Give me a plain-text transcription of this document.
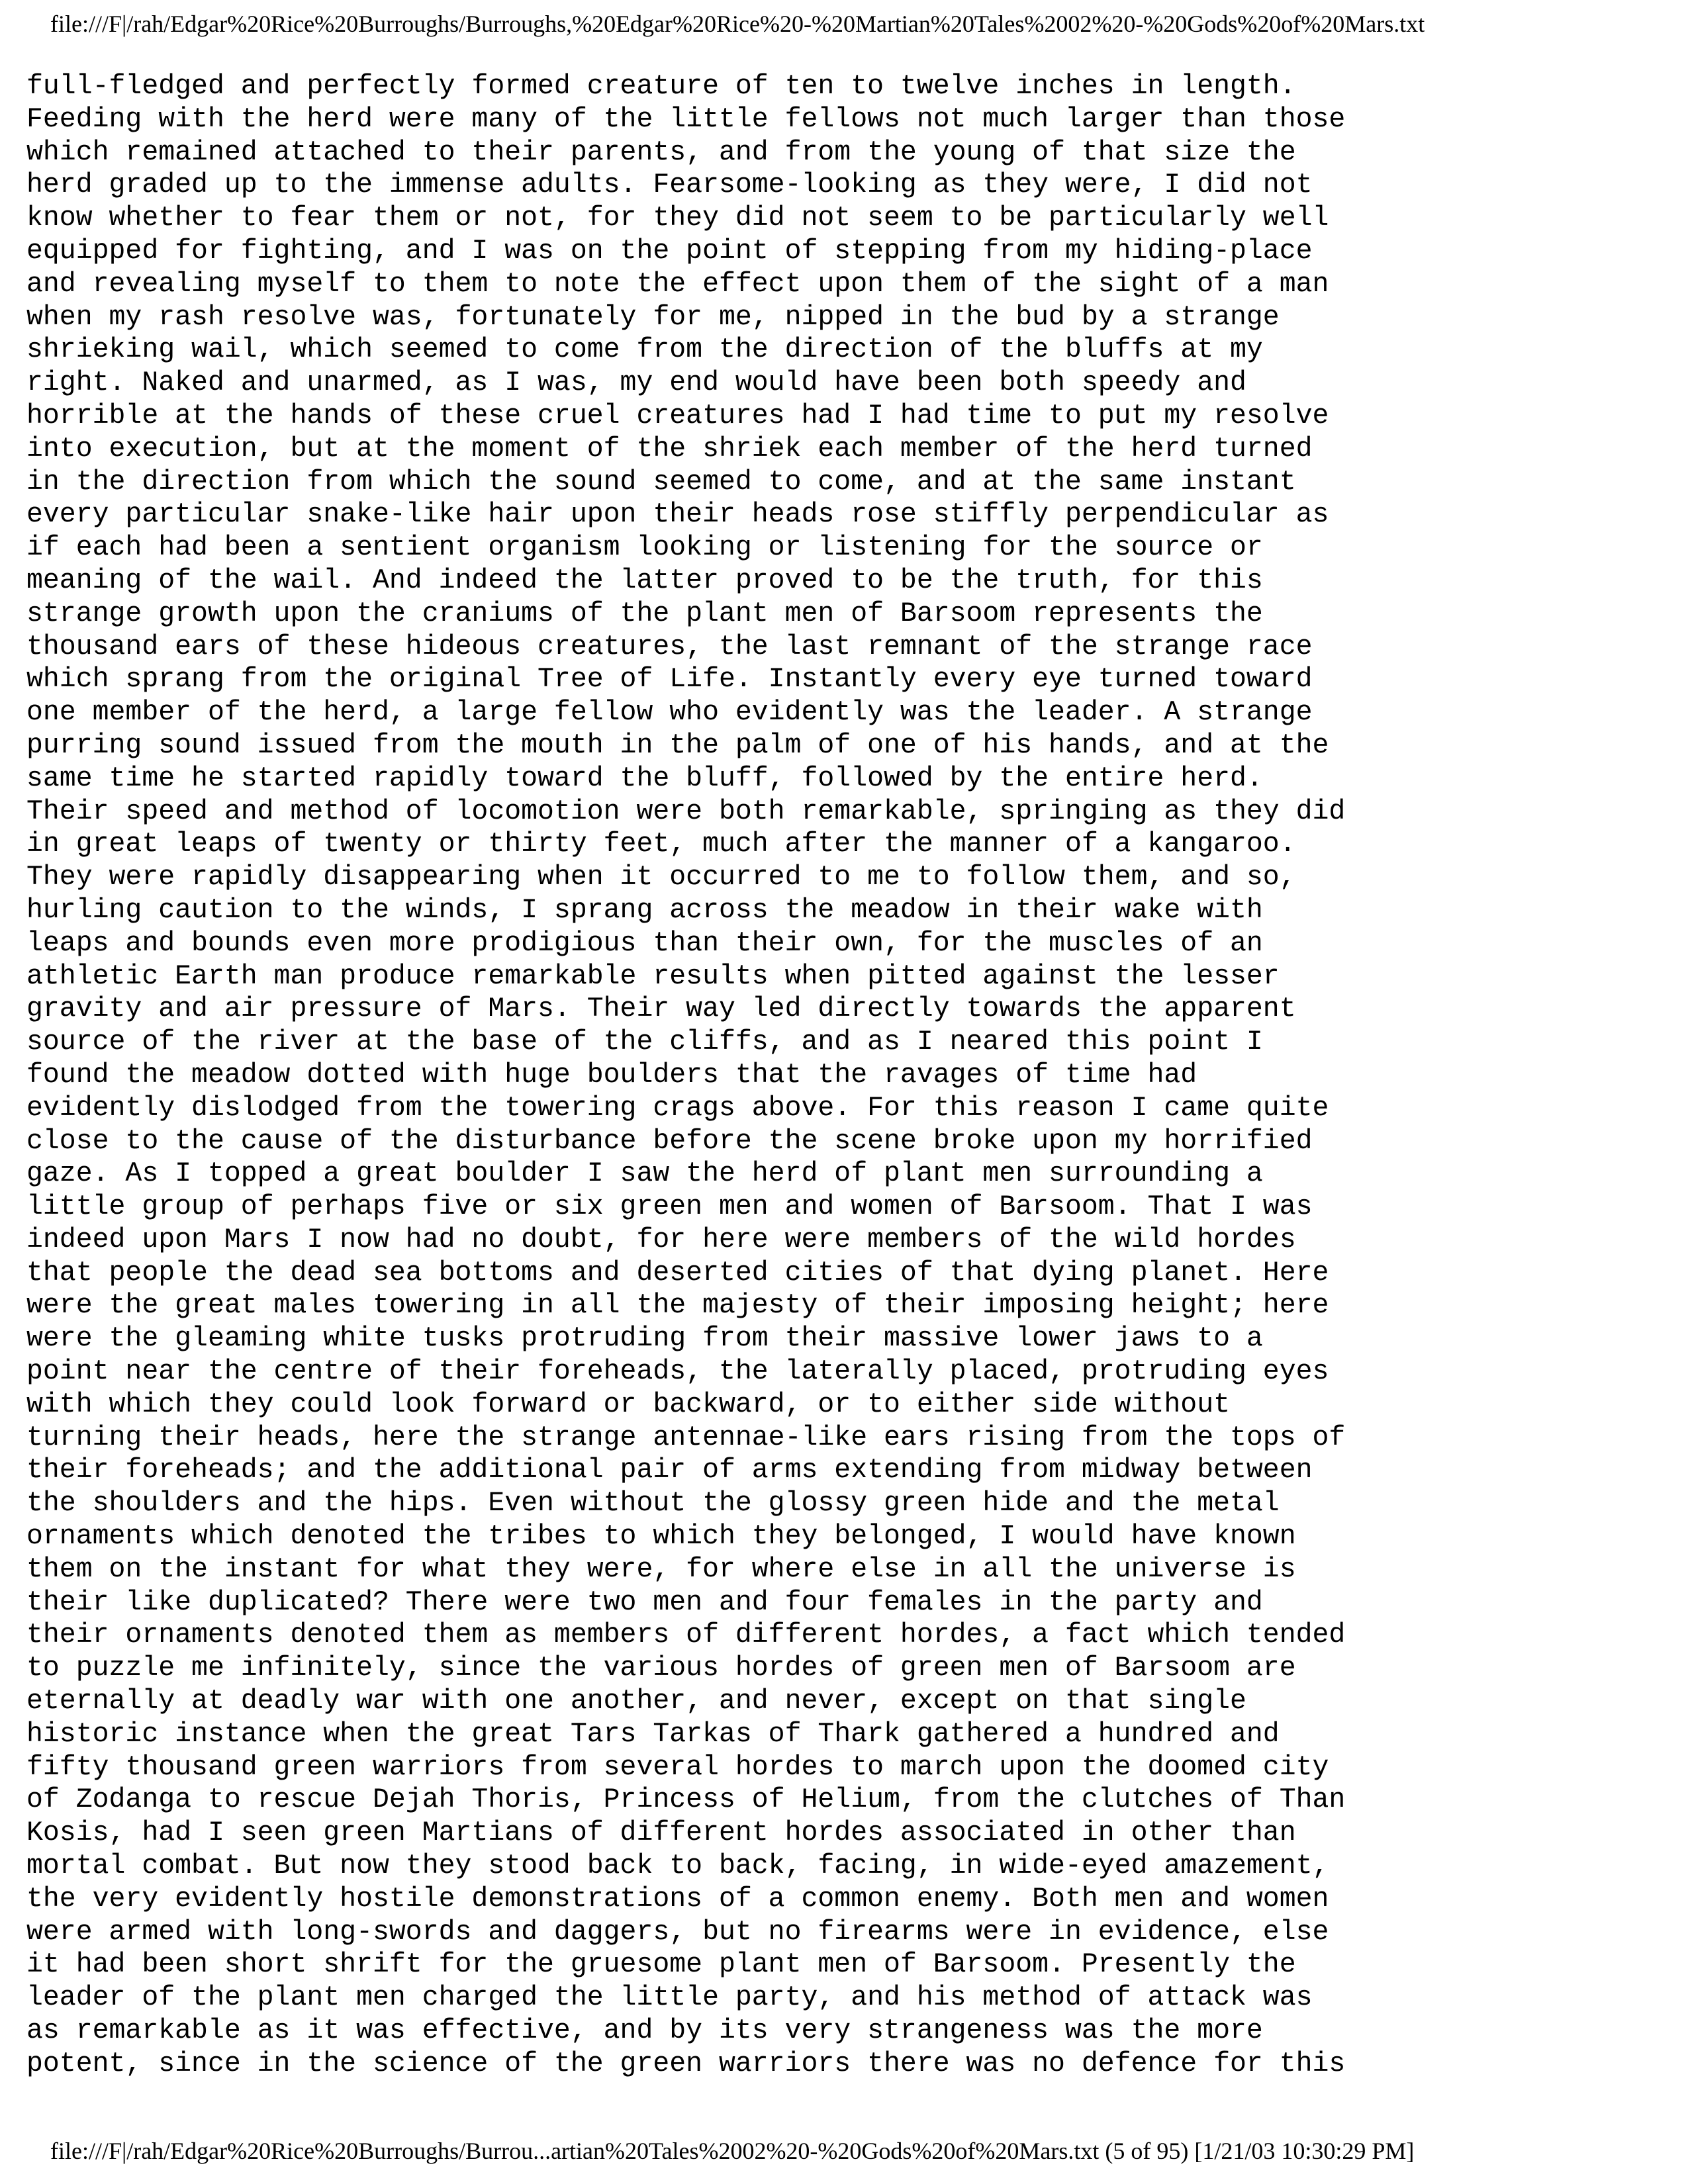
file:///F|/rah/Edgar%20Rice%20Burroughs/Burroughs,%20Edgar%20Rice%20-%20Martian%20Tales%2002%20-%20Gods%20of%20Mars.txt
full-fledged and perfectly formed creature of ten to twelve inches in length.
Feeding with the herd were many of the little fellows not much larger than those
which remained attached to their parents, and from the young of that size the
herd graded up to the immense adults. Fearsome-looking as they were, I did not
know whether to fear them or not, for they did not seem to be particularly well
equipped for fighting, and I was on the point of stepping from my hiding-place
and revealing myself to them to note the effect upon them of the sight of a man
when my rash resolve was, fortunately for me, nipped in the bud by a strange
shrieking wail, which seemed to come from the direction of the bluffs at my
right. Naked and unarmed, as I was, my end would have been both speedy and
horrible at the hands of these cruel creatures had I had time to put my resolve
into execution, but at the moment of the shriek each member of the herd turned
in the direction from which the sound seemed to come, and at the same instant
every particular snake-like hair upon their heads rose stiffly perpendicular as
if each had been a sentient organism looking or listening for the source or
meaning of the wail. And indeed the latter proved to be the truth, for this
strange growth upon the craniums of the plant men of Barsoom represents the
thousand ears of these hideous creatures, the last remnant of the strange race
which sprang from the original Tree of Life. Instantly every eye turned toward
one member of the herd, a large fellow who evidently was the leader. A strange
purring sound issued from the mouth in the palm of one of his hands, and at the
same time he started rapidly toward the bluff, followed by the entire herd.
Their speed and method of locomotion were both remarkable, springing as they did
in great leaps of twenty or thirty feet, much after the manner of a kangaroo.
They were rapidly disappearing when it occurred to me to follow them, and so,
hurling caution to the winds, I sprang across the meadow in their wake with
leaps and bounds even more prodigious than their own, for the muscles of an
athletic Earth man produce remarkable results when pitted against the lesser
gravity and air pressure of Mars. Their way led directly towards the apparent
source of the river at the base of the cliffs, and as I neared this point I
found the meadow dotted with huge boulders that the ravages of time had
evidently dislodged from the towering crags above. For this reason I came quite
close to the cause of the disturbance before the scene broke upon my horrified
gaze. As I topped a great boulder I saw the herd of plant men surrounding a
little group of perhaps five or six green men and women of Barsoom. That I was
indeed upon Mars I now had no doubt, for here were members of the wild hordes
that people the dead sea bottoms and deserted cities of that dying planet. Here
were the great males towering in all the majesty of their imposing height; here
were the gleaming white tusks protruding from their massive lower jaws to a
point near the centre of their foreheads, the laterally placed, protruding eyes
with which they could look forward or backward, or to either side without
turning their heads, here the strange antennae-like ears rising from the tops of
their foreheads; and the additional pair of arms extending from midway between
the shoulders and the hips. Even without the glossy green hide and the metal
ornaments which denoted the tribes to which they belonged, I would have known
them on the instant for what they were, for where else in all the universe is
their like duplicated? There were two men and four females in the party and
their ornaments denoted them as members of different hordes, a fact which tended
to puzzle me infinitely, since the various hordes of green men of Barsoom are
eternally at deadly war with one another, and never, except on that single
historic instance when the great Tars Tarkas of Thark gathered a hundred and
fifty thousand green warriors from several hordes to march upon the doomed city
of Zodanga to rescue Dejah Thoris, Princess of Helium, from the clutches of Than
Kosis, had I seen green Martians of different hordes associated in other than
mortal combat. But now they stood back to back, facing, in wide-eyed amazement,
the very evidently hostile demonstrations of a common enemy. Both men and women
were armed with long-swords and daggers, but no firearms were in evidence, else
it had been short shrift for the gruesome plant men of Barsoom. Presently the
leader of the plant men charged the little party, and his method of attack was
as remarkable as it was effective, and by its very strangeness was the more
potent, since in the science of the green warriors there was no defence for this
file:///F|/rah/Edgar%20Rice%20Burroughs/Burrou...artian%20Tales%2002%20-%20Gods%20of%20Mars.txt (5 of 95) [1/21/03 10:30:29 PM]
